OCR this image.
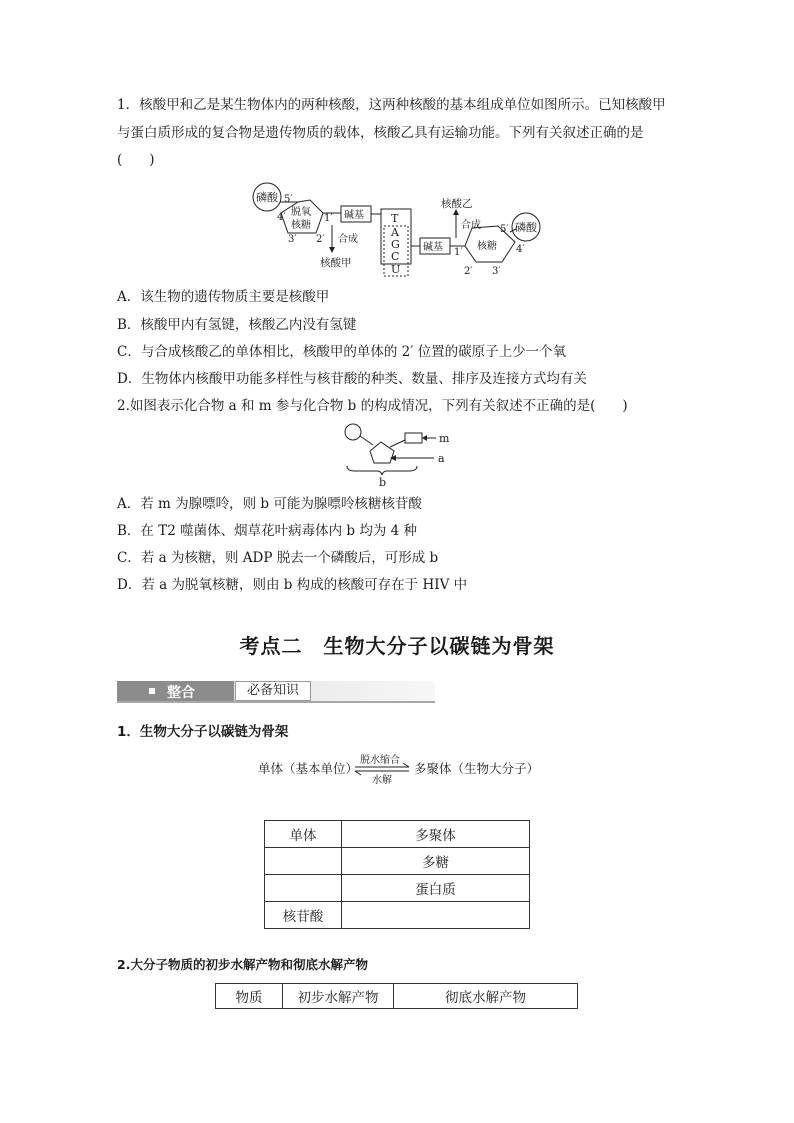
1．核酸甲和乙是某生物体内的两种核酸，这两种核酸的基本组成单位如图所示。已知核酸甲
与蛋白质形成的复合物是遗传物质的载体，核酸乙具有运输功能。下列有关叙述正确的是
(　　)
磷酸
脱氧
核糖
5′
4′
3′ 2′
1′ 碱基
合成
核酸甲
T
A
G
C
U
碱基	核糖
1′
2′ 3′
4′
5′ 磷酸
合成
核酸乙
A．该生物的遗传物质主要是核酸甲
B．核酸甲内有氢键，核酸乙内没有氢键
C．与合成核酸乙的单体相比，核酸甲的单体的 2′ 位置的碳原子上少一个氧
D．生物体内核酸甲功能多样性与核苷酸的种类、数量、排序及连接方式均有关
2.如图表示化合物 a 和 m 参与化合物 b 的构成情况，下列有关叙述不正确的是(　　)
m
a
b
A．若 m 为腺嘌呤，则 b 可能为腺嘌呤核糖核苷酸
B．在 T2 噬菌体、烟草花叶病毒体内 b 均为 4 种
C．若 a 为核糖，则 ADP 脱去一个磷酸后，可形成 b
D．若 a 为脱氧核糖，则由 b 构成的核酸可存在于 HIV 中
考点二　生物大分子以碳链为骨架
整合	必备知识
1．生物大分子以碳链为骨架
单体（基本单位）
脱水缩合
水解
多聚体（生物大分子）
单体	多聚体
	多糖
	蛋白质
核苷酸	
2.大分子物质的初步水解产物和彻底水解产物
物质	初步水解产物	彻底水解产物
